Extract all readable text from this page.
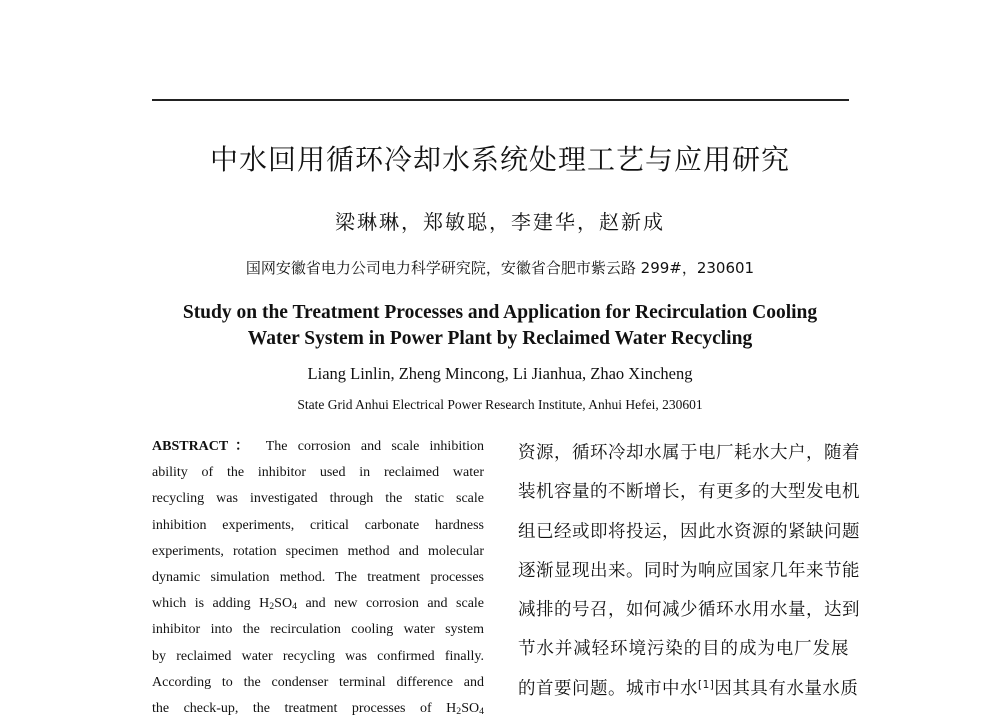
中水回用循环冷却水系统处理工艺与应用研究
梁琳琳，郑敏聪，李建华，赵新成
国网安徽省电力公司电力科学研究院，安徽省合肥市紫云路 299#，230601
Study on the Treatment Processes and Application for Recirculation Cooling
Water System in Power Plant by Reclaimed Water Recycling
Liang Linlin, Zheng Mincong, Li Jianhua, Zhao Xincheng
State Grid Anhui Electrical Power Research Institute, Anhui Hefei, 230601
ABSTRACT： The corrosion and scale inhibition
ability of the inhibitor used in reclaimed water
recycling was investigated through the static scale
inhibition experiments, critical carbonate hardness
experiments, rotation specimen method and molecular
dynamic simulation method. The treatment processes
which is adding $H_2SO_4$ and new corrosion and scale
inhibitor into the recirculation cooling water system
by reclaimed water recycling was confirmed finally.
According to the condenser terminal difference and
the check-up, the treatment processes of $H_2SO_4$
资源，循环冷却水属于电厂耗水大户，随着
装机容量的不断增长，有更多的大型发电机
组已经或即将投运，因此水资源的紧缺问题
逐渐显现出来。同时为响应国家几年来节能
减排的号召，如何减少循环水用水量，达到
节水并减轻环境污染的目的成为电厂发展
的首要问题。城市中水[1]因其具有水量水质
